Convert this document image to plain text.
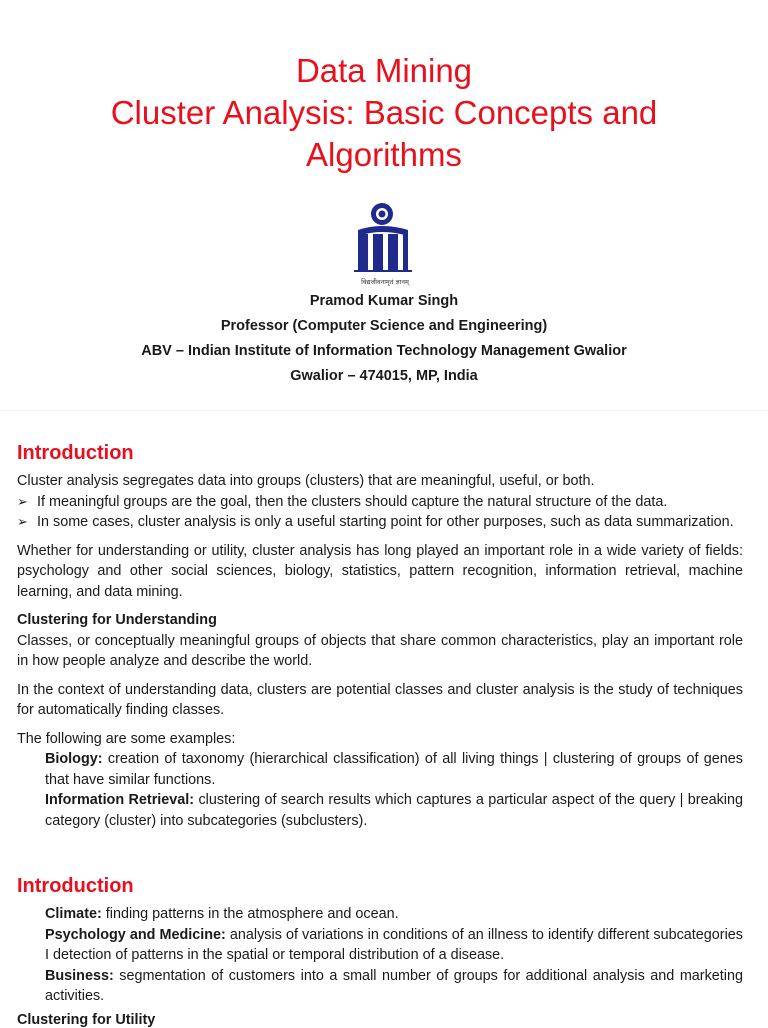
Data Mining
Cluster Analysis: Basic Concepts and
Algorithms
विद्यजीवनामृतं ज्ञानम्
Pramod Kumar Singh
Professor (Computer Science and Engineering)
ABV – Indian Institute of Information Technology Management Gwalior
Gwalior – 474015, MP, India
Introduction
Cluster analysis segregates data into groups (clusters) that are meaningful, useful, or both.
➢ If meaningful groups are the goal, then the clusters should capture the natural structure of the data.
➢ In some cases, cluster analysis is only a useful starting point for other purposes, such as data summarization.
Whether for understanding or utility, cluster analysis has long played an important role in a wide variety of fields: psychology and other social sciences, biology, statistics, pattern recognition, information retrieval, machine learning, and data mining.
Clustering for Understanding
Classes, or conceptually meaningful groups of objects that share common characteristics, play an important role in how people analyze and describe the world.
In the context of understanding data, clusters are potential classes and cluster analysis is the study of techniques for automatically finding classes.
The following are some examples:
Biology: creation of taxonomy (hierarchical classification) of all living things | clustering of groups of genes that have similar functions.
Information Retrieval: clustering of search results which captures a particular aspect of the query | breaking category (cluster) into subcategories (subclusters).
Introduction
Climate: finding patterns in the atmosphere and ocean.
Psychology and Medicine: analysis of variations in conditions of an illness to identify different subcategories I detection of patterns in the spatial or temporal distribution of a disease.
Business: segmentation of customers into a small number of groups for additional analysis and marketing activities.
Clustering for Utility
